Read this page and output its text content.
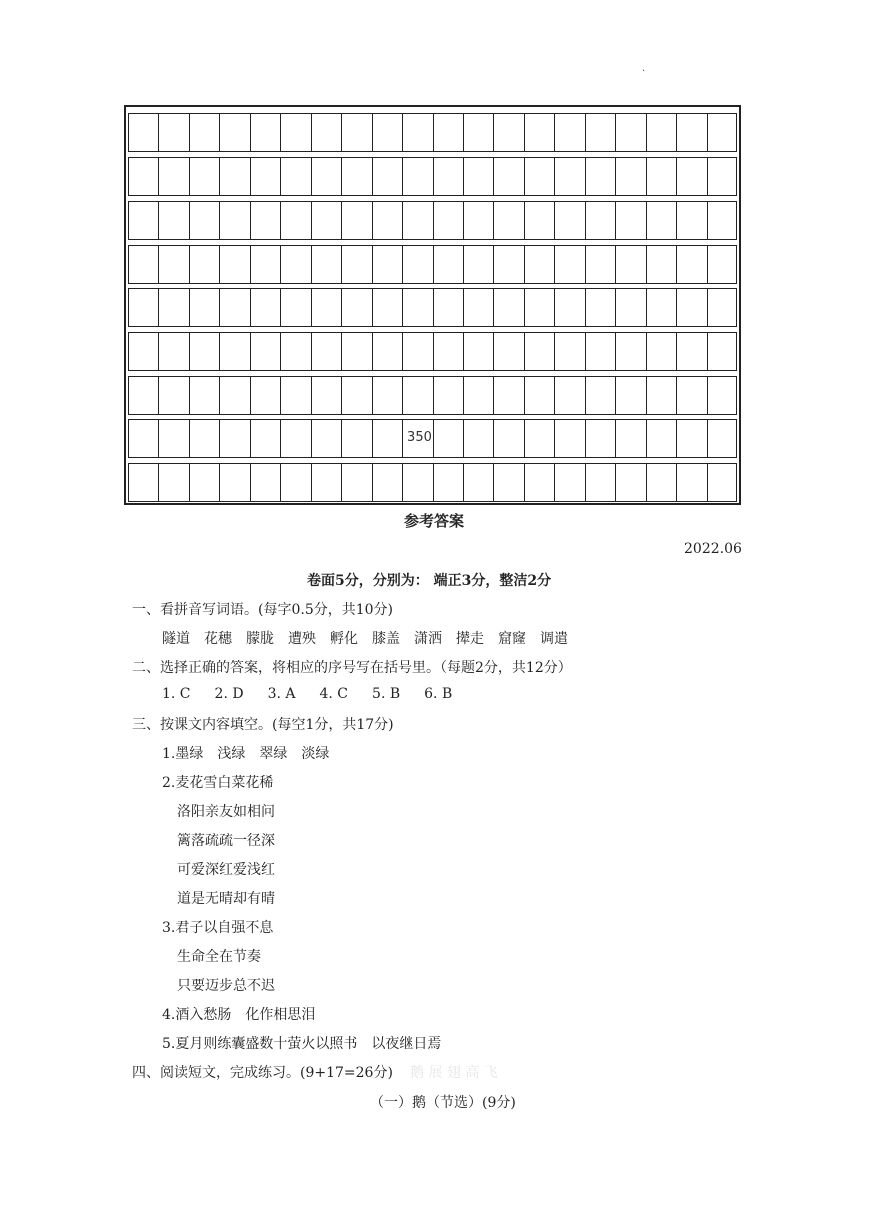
·
350
参考答案
2022.06
卷面5分，分别为： 端正3分，整洁2分
一、看拼音写词语。(每字0.5分，共10分)
隧道 花穗 朦胧 遭殃 孵化 膝盖 潇洒 撵走 窟窿 调遣
二、选择正确的答案，将相应的序号写在括号里。（每题2分，共12分）
1. C 2. D 3. A 4. C 5. B 6. B
三、按课文内容填空。(每空1分，共17分)
1.墨绿　浅绿　翠绿　淡绿
2.麦花雪白菜花稀
洛阳亲友如相问
篱落疏疏一径深
可爱深红爱浅红
道是无晴却有晴
3.君子以自强不息
生命全在节奏
只要迈步总不迟
4.酒入愁肠　化作相思泪
5.夏月则练囊盛数十萤火以照书　以夜继日焉
四、阅读短文，完成练习。(9+17=26分) 鹅 展 翅 高 飞
（一）鹅（节选）(9分)
